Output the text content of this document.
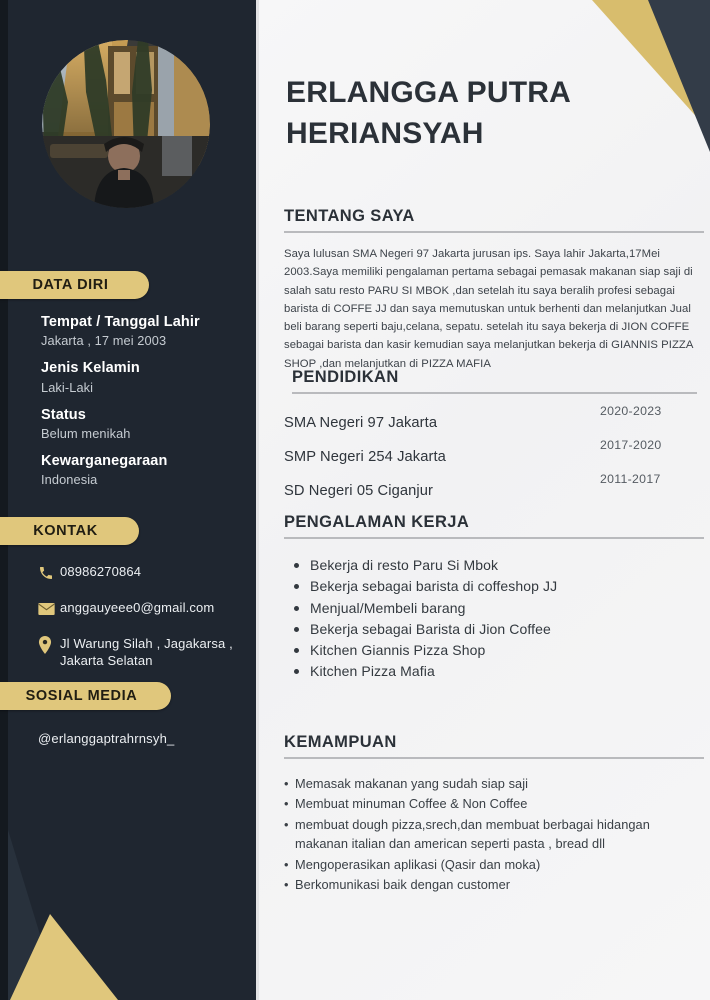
DATA DIRI
Tempat / Tanggal Lahir
Jakarta , 17 mei 2003
Jenis Kelamin
Laki-Laki
Status
Belum menikah
Kewarganegaraan
Indonesia
KONTAK
08986270864
anggauyeee0@gmail.com
Jl Warung Silah , Jagakarsa , Jakarta Selatan
SOSIAL MEDIA
@erlanggaptrahrnsyh_
ERLANGGA PUTRA HERIANSYAH
TENTANG SAYA
Saya lulusan SMA Negeri 97 Jakarta jurusan ips. Saya lahir Jakarta,17Mei 2003.Saya memiliki pengalaman pertama sebagai pemasak makanan siap saji di salah satu resto PARU SI MBOK ,dan setelah itu saya beralih profesi sebagai barista di COFFE JJ dan saya memutuskan untuk berhenti dan melanjutkan Jual beli barang seperti baju,celana, sepatu. setelah itu saya bekerja di JION COFFE sebagai barista dan kasir kemudian saya melanjutkan bekerja di GIANNIS PIZZA SHOP ,dan melanjutkan di PIZZA MAFIA
PENDIDIKAN
SMA Negeri 97 Jakarta
2020-2023
SMP Negeri 254 Jakarta
2017-2020
SD Negeri 05 Ciganjur
2011-2017
PENGALAMAN KERJA
Bekerja di resto Paru Si Mbok
Bekerja sebagai barista di coffeshop JJ
Menjual/Membeli barang
Bekerja sebagai Barista di Jion Coffee
Kitchen Giannis Pizza Shop
Kitchen Pizza Mafia
KEMAMPUAN
• Memasak makanan yang sudah siap saji
• Membuat minuman Coffee & Non Coffee
• membuat dough pizza,srech,dan membuat berbagai hidangan makanan italian dan american seperti pasta , bread dll
• Mengoperasikan aplikasi (Qasir dan moka)
• Berkomunikasi baik dengan customer
